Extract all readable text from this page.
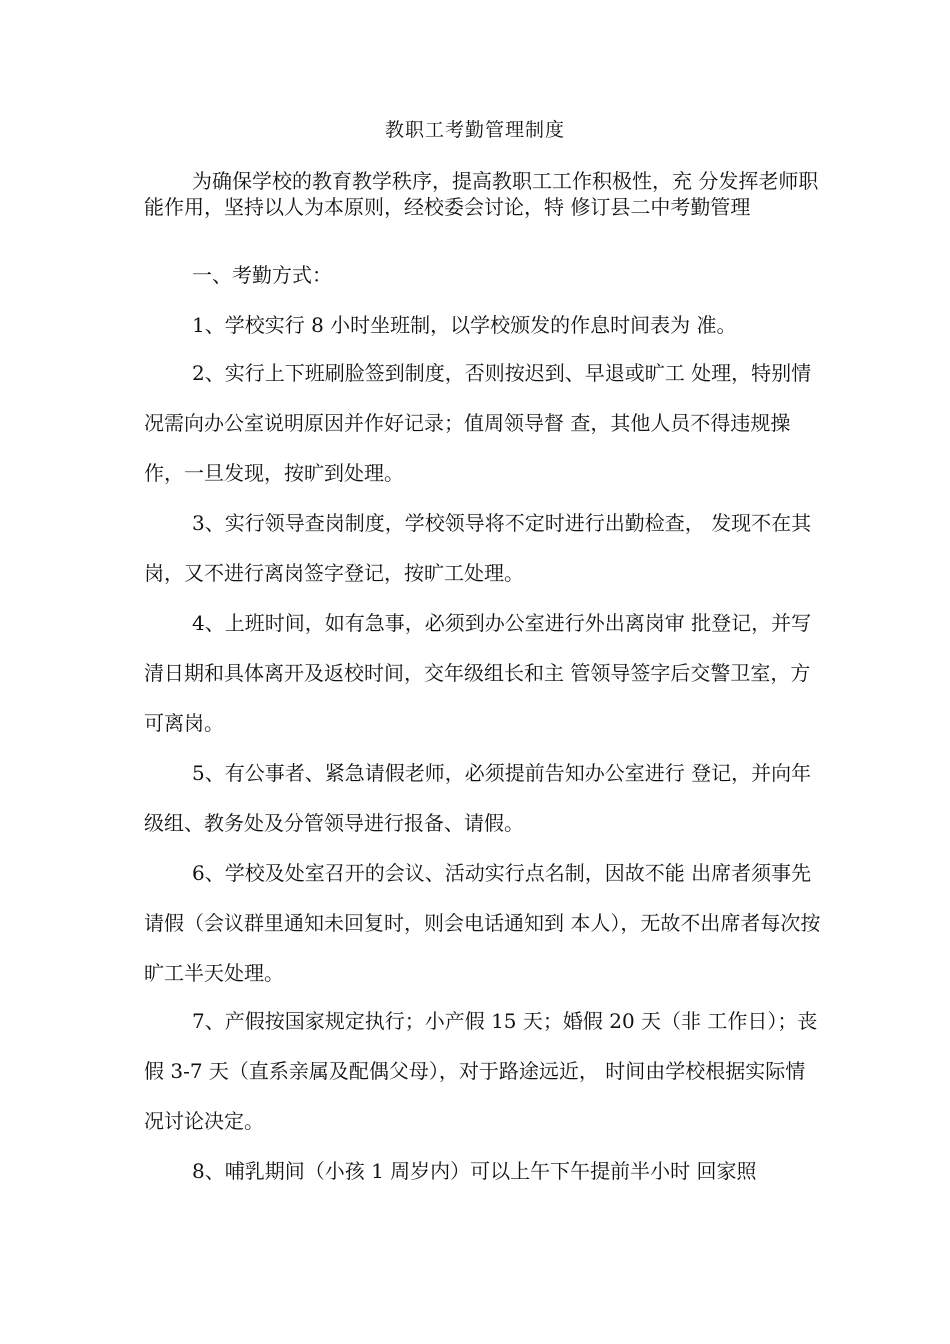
教职工考勤管理制度
为确保学校的教育教学秩序，提高教职工工作积极性，充 分发挥老师职能作用，坚持以人为本原则，经校委会讨论，特 修订县二中考勤管理
一、考勤方式：
1、学校实行 8 小时坐班制，以学校颁发的作息时间表为 准。
2、实行上下班刷脸签到制度，否则按迟到、早退或旷工 处理，特别情况需向办公室说明原因并作好记录；值周领导督 查，其他人员不得违规操作，一旦发现，按旷到处理。
3、实行领导查岗制度，学校领导将不定时进行出勤检查， 发现不在其岗，又不进行离岗签字登记，按旷工处理。
4、上班时间，如有急事，必须到办公室进行外出离岗审 批登记，并写清日期和具体离开及返校时间，交年级组长和主 管领导签字后交警卫室，方可离岗。
5、有公事者、紧急请假老师，必须提前告知办公室进行 登记，并向年级组、教务处及分管领导进行报备、请假。
6、学校及处室召开的会议、活动实行点名制，因故不能 出席者须事先请假（会议群里通知未回复时，则会电话通知到 本人），无故不出席者每次按旷工半天处理。
7、产假按国家规定执行；小产假 15 天；婚假 20 天（非 工作日）；丧假 3-7 天（直系亲属及配偶父母），对于路途远近， 时间由学校根据实际情况讨论决定。
8、哺乳期间（小孩 1 周岁内）可以上午下午提前半小时 回家照
